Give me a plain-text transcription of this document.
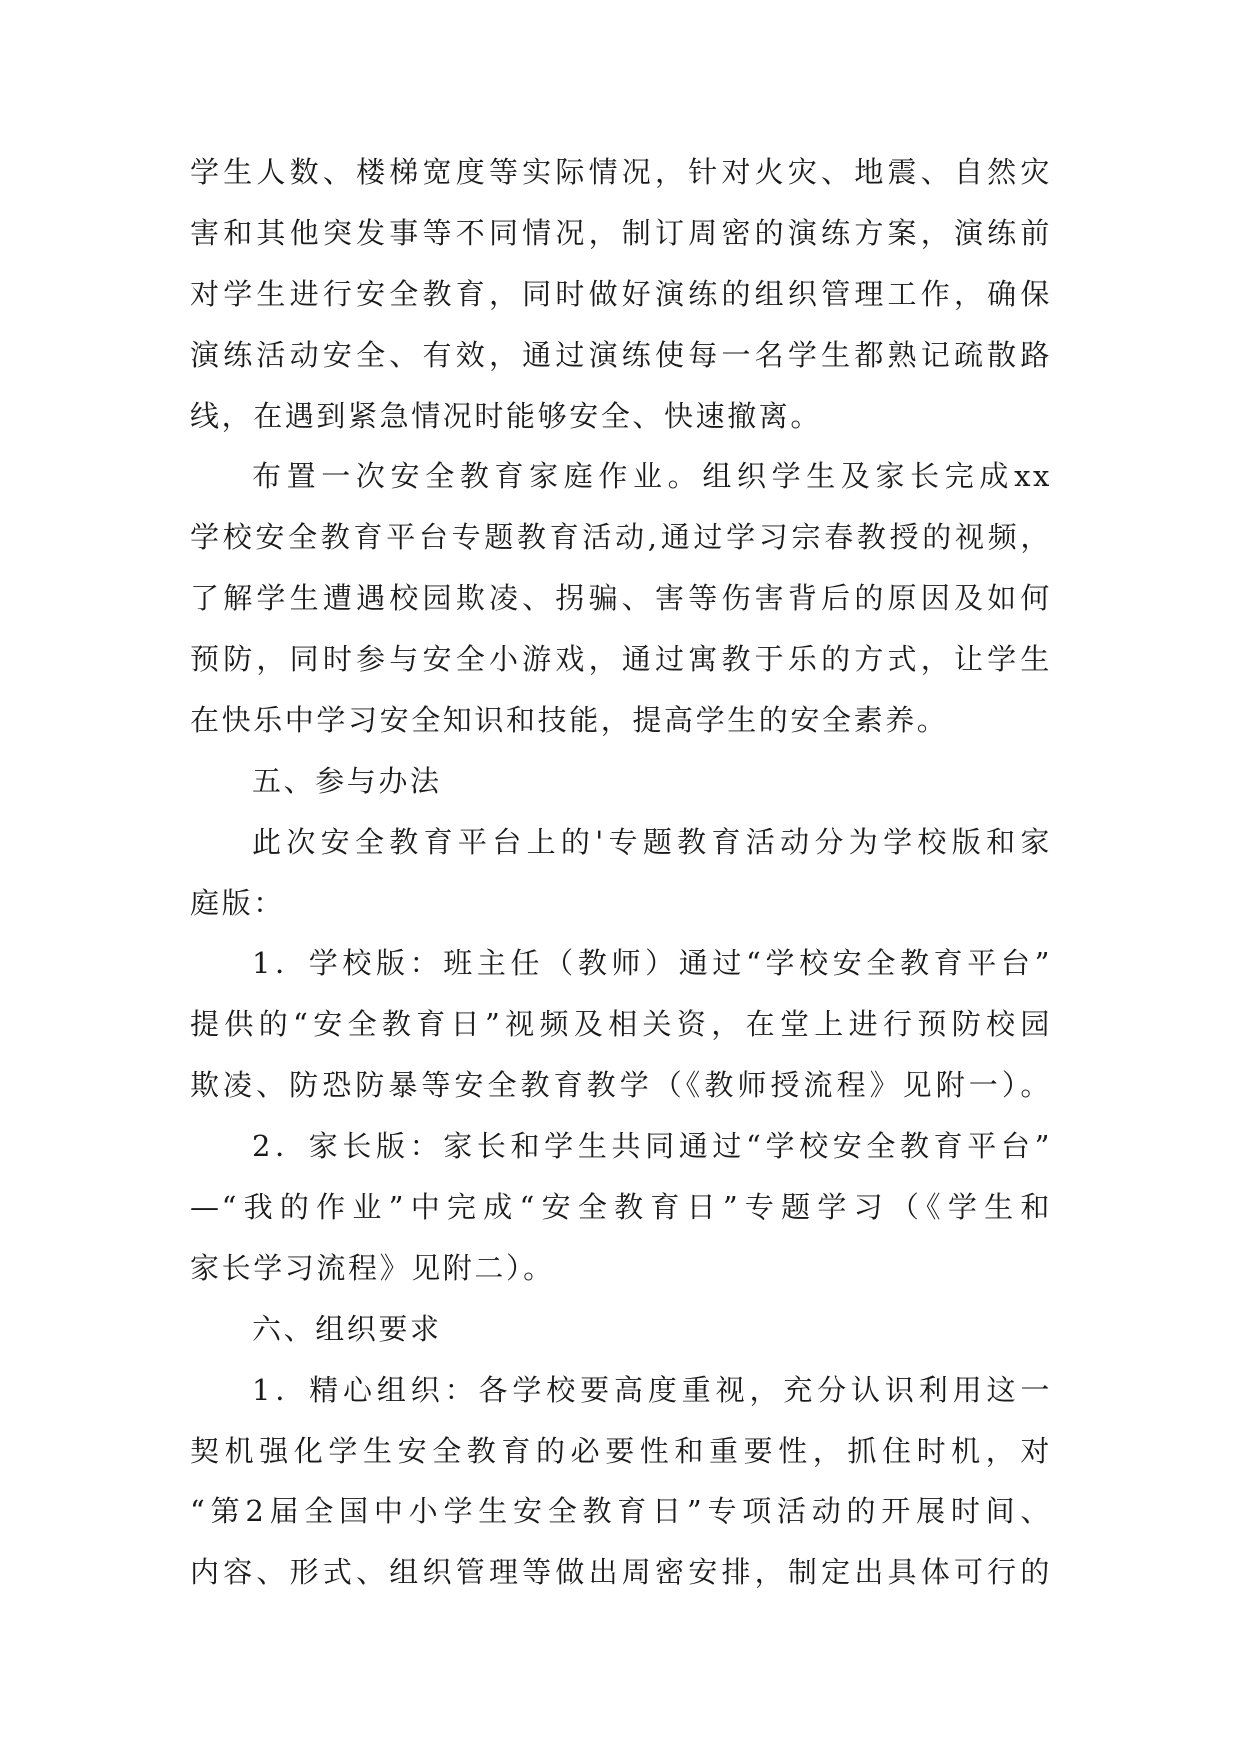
学生人数、楼梯宽度等实际情况，针对火灾、地震、自然灾
害和其他突发事等不同情况，制订周密的演练方案，演练前
对学生进行安全教育，同时做好演练的组织管理工作，确保
演练活动安全、有效，通过演练使每一名学生都熟记疏散路
线，在遇到紧急情况时能够安全、快速撤离。
布置一次安全教育家庭作业。组织学生及家长完成xx
学校安全教育平台专题教育活动,通过学习宗春教授的视频，
了解学生遭遇校园欺凌、拐骗、害等伤害背后的原因及如何
预防，同时参与安全小游戏，通过寓教于乐的方式，让学生
在快乐中学习安全知识和技能，提高学生的安全素养。
五、参与办法
此次安全教育平台上的'专题教育活动分为学校版和家
庭版：
1．学校版：班主任（教师）通过“学校安全教育平台”
提供的“安全教育日”视频及相关资，在堂上进行预防校园
欺凌、防恐防暴等安全教育教学（《教师授流程》见附一）。
2．家长版：家长和学生共同通过“学校安全教育平台”
—“我的作业”中完成“安全教育日”专题学习（《学生和
家长学习流程》见附二）。
六、组织要求
1．精心组织：各学校要高度重视，充分认识利用这一
契机强化学生安全教育的必要性和重要性，抓住时机，对
“第2届全国中小学生安全教育日”专项活动的开展时间、
内容、形式、组织管理等做出周密安排，制定出具体可行的
